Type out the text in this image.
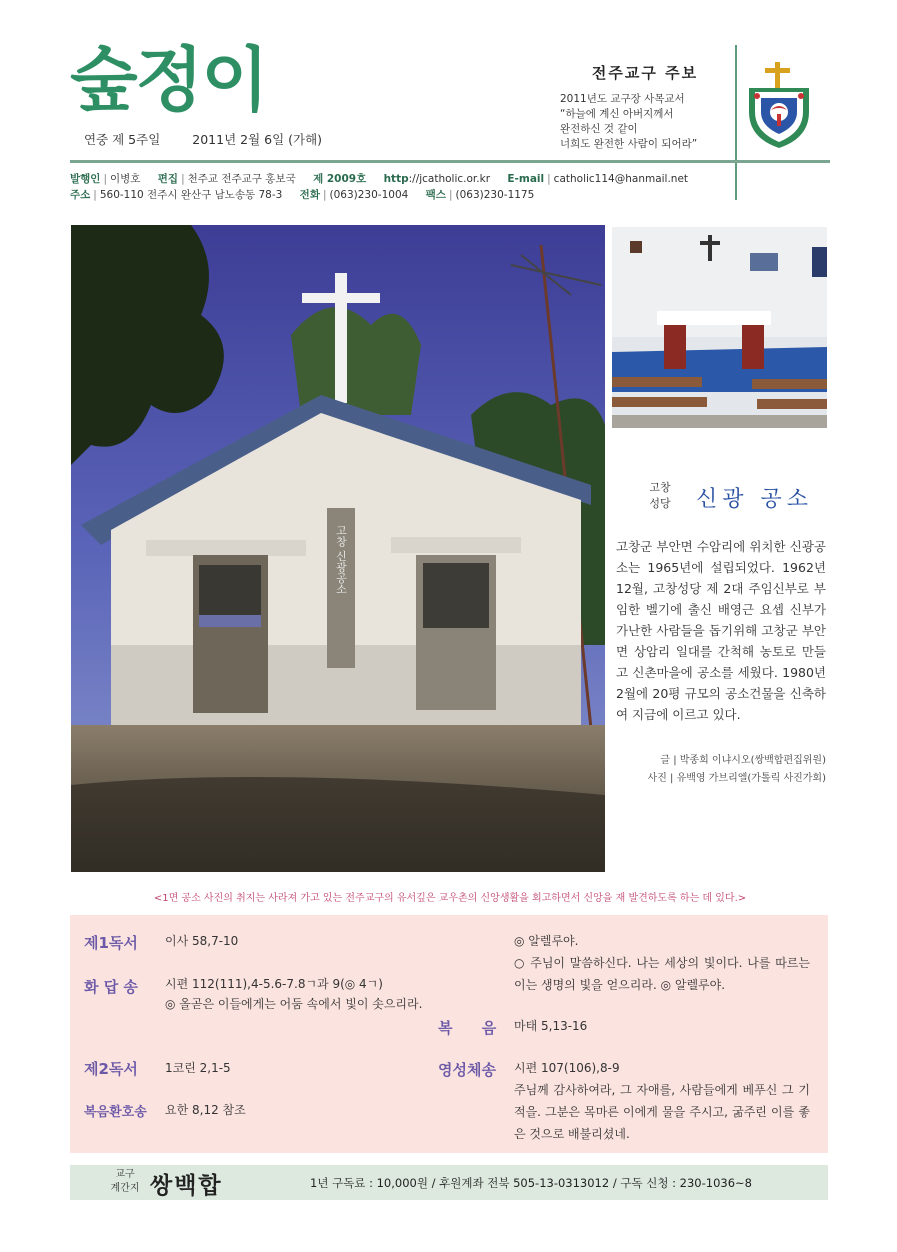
숲정이
연중 제 5주일	2011년 2월 6일 (가해)
전주교구 주보
2011년도 교구장 사목교서
“하늘에 계신 아버지께서
완전하신 것 같이
너희도 완전한 사람이 되어라”
발행인 | 이병호 편집 | 천주교 전주교구 홍보국 제 2009호 http://jcatholic.or.kr E-mail | catholic114@hanmail.net
주소 | 560-110 전주시 완산구 남노송동 78-3 전화 | (063)230-1004 팩스 | (063)230-1175
고창 신광공소
고창
성당	신광 공소
고창군 부안면 수암리에 위치한 신광공소는 1965년에 설립되었다. 1962년 12월, 고창성당 제 2대 주임신부로 부임한 벨기에 출신 배영근 요셉 신부가 가난한 사람들을 돕기위해 고창군 부안면 상암리 일대를 간척해 농토로 만들고 신촌마을에 공소를 세웠다. 1980년 2월에 20평 규모의 공소건물을 신축하여 지금에 이르고 있다.
글 | 박종희 이냐시오(쌍백합편집위원)
사진 | 유백영 가브리엘(가톨릭 사진가회)
<1면 공소 사진의 취지는 사라져 가고 있는 전주교구의 유서깊은 교우촌의 신앙생활을 회고하면서 신앙을 재 발견하도록 하는 데 있다.>
제1독서 이사 58,7-10
화 답 송 시편 112(111),4-5.6-7.8ㄱ과 9(◎ 4ㄱ)
◎ 올곧은 이들에게는 어둠 속에서 빛이 솟으리라.
제2독서 1코린 2,1-5
복음환호송 요한 8,12 참조
◎ 알렐루야.
○ 주님이 말씀하신다. 나는 세상의 빛이다. 나를 따르는 이는 생명의 빛을 얻으리라. ◎ 알렐루야.
복 음 마태 5,13-16
영성체송 시편 107(106),8-9
주님께 감사하여라, 그 자애를, 사람들에게 베푸신 그 기적을. 그분은 목마른 이에게 물을 주시고, 굶주린 이를 좋은 것으로 배불리셨네.
교구
계간지 쌍백합	1년 구독료 : 10,000원 / 후원계좌 전북 505-13-0313012 / 구독 신청 : 230-1036~8
